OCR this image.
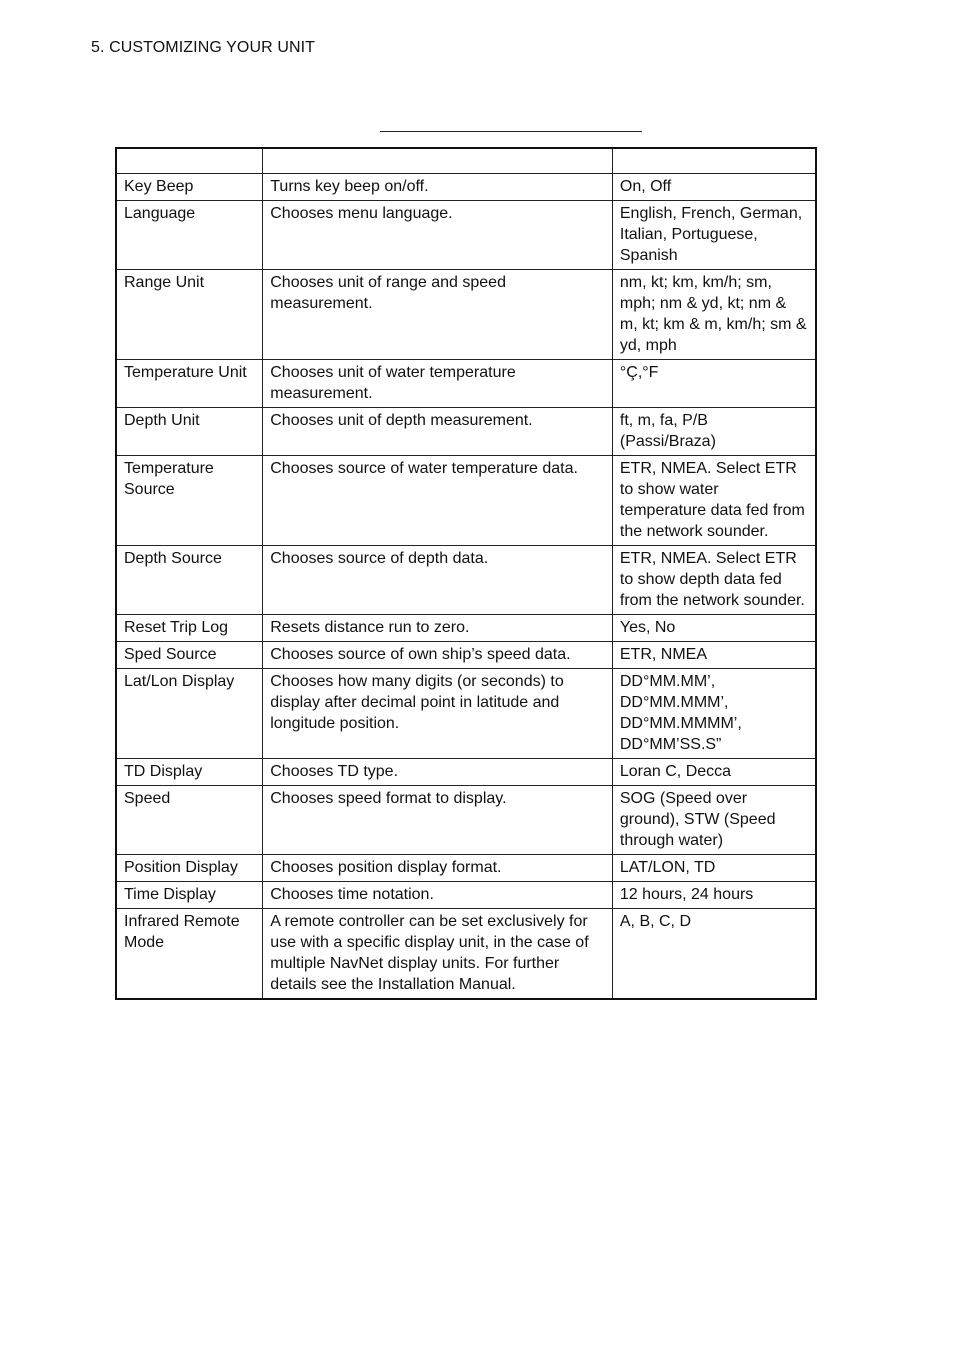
5. CUSTOMIZING YOUR UNIT

Key Beep	Turns key beep on/off.	On, Off
Language	Chooses menu language.	English, French, German, Italian, Portuguese, Spanish
Range Unit	Chooses unit of range and speed measurement.	nm, kt; km, km/h; sm, mph; nm & yd, kt; nm & m, kt; km & m, km/h; sm & yd, mph
Temperature Unit	Chooses unit of water temperature measurement.	°Ç,°F
Depth Unit	Chooses unit of depth measurement.	ft, m, fa, P/B (Passi/Braza)
Temperature Source	Chooses source of water temperature data.	ETR, NMEA. Select ETR to show water temperature data fed from the network sounder.
Depth Source	Chooses source of depth data.	ETR, NMEA. Select ETR to show depth data fed from the network sounder.
Reset Trip Log	Resets distance run to zero.	Yes, No
Sped Source	Chooses source of own ship’s speed data.	ETR, NMEA
Lat/Lon Display	Chooses how many digits (or seconds) to display after decimal point in latitude and longitude position.	DD°MM.MM’, DD°MM.MMM’, DD°MM.MMMM’, DD°MM’SS.S”
TD Display	Chooses TD type.	Loran C, Decca
Speed	Chooses speed format to display.	SOG (Speed over ground), STW (Speed through water)
Position Display	Chooses position display format.	LAT/LON, TD
Time Display	Chooses time notation.	12 hours, 24 hours
Infrared Remote Mode	A remote controller can be set exclusively for use with a specific display unit, in the case of multiple NavNet display units. For further details see the Installation Manual.	A, B, C, D
